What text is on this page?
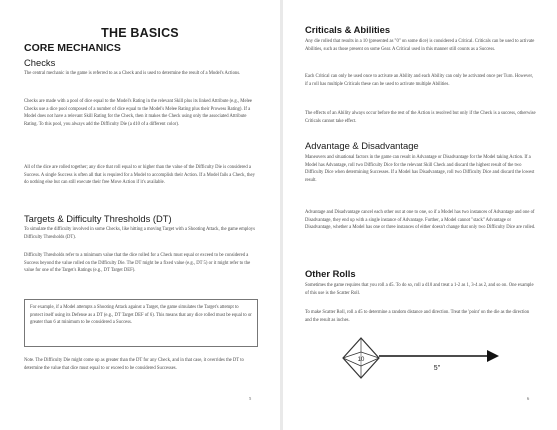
THE BASICS
CORE MECHANICS
Checks
The central mechanic in the game is referred to as a Check and is used to determine the result of a Model's Actions.
Checks are made with a pool of dice equal to the Model's Rating in the relevant Skill plus its linked Attribute (e.g., Melee Checks use a dice pool composed of a number of dice equal to the Model's Melee Rating plus their Prowess Rating). If a Model does not have a relevant Skill Rating for the Check, then it makes the Check using only the associated Attribute Rating. To this pool, you always add the Difficulty Die (a d10 of a different color).
All of the dice are rolled together; any dice that roll equal to or higher than the value of the Difficulty Die is considered a Success. A single Success is often all that is required for a Model to accomplish their Action. If a Model fails a Check, they do nothing else but can still execute their free Move Action if it's available.
Targets & Difficulty Thresholds (DT)
To simulate the difficulty involved in some Checks, like hitting a moving Target with a Shooting Attack, the game employs Difficulty Thresholds (DT).
Difficulty Thresholds refer to a minimum value that the dice rolled for a Check must equal or exceed to be considered a Success beyond the value rolled on the Difficulty Die. The DT might be a fixed value (e.g., DT 5) or it might refer to the value for one of the Target's Ratings (e.g., DT Target DEF).
For example, if a Model attempts a Shooting Attack against a Target, the game simulates the Target's attempt to protect itself using its Defense as a DT (e.g., DT Target DEF of 6). This means that any dice rolled must be equal to or greater than 6 at minimum to be considered a Success.
Note. The Difficulty Die might come up as greater than the DT for any Check, and in that case, it overrides the DT to determine the value that dice must equal to or exceed to be considered Successes.
5
Criticals & Abilities
Any die rolled that results in a 10 (presented as "0" on some dice) is considered a Critical. Criticals can be used to activate Abilities, such as those present on some Gear. A Critical used in this manner still counts as a Success.
Each Critical can only be used once to activate an Ability and each Ability can only be activated once per Turn. However, if a roll has multiple Criticals these can be used to activate multiple Abilities.
The effects of an Ability always occur before the rest of the Action is resolved but only if the Check is a success, otherwise Criticals cannot take effect.
Advantage & Disadvantage
Maneuvers and situational factors in the game can result in Advantage or Disadvantage for the Model taking Action. If a Model has Advantage, roll two Difficulty Dice for the relevant Skill Check and discard the highest result of the two Difficulty Dice when determining Successes. If a Model has Disadvantage, roll two Difficulty Dice and discard the lowest result.
Advantage and Disadvantage cancel each other out at one to one, so if a Model has two instances of Advantage and one of Disadvantage, they end up with a single instance of Advantage. Further, a Model cannot "stack" Advantage or Disadvantage, whether a Model has one or three instances of either doesn't change that only two Difficulty Dice are rolled.
Other Rolls
Sometimes the game requires that you roll a d5. To do so, roll a d10 and treat a 1-2 as 1, 3-4 as 2, and so on. One example of this use is the Scatter Roll.
To make Scatter Roll, roll a d5 to determine a random distance and direction. Treat the 'point' on the die as the direction and the result as inches.
10
5"
6
